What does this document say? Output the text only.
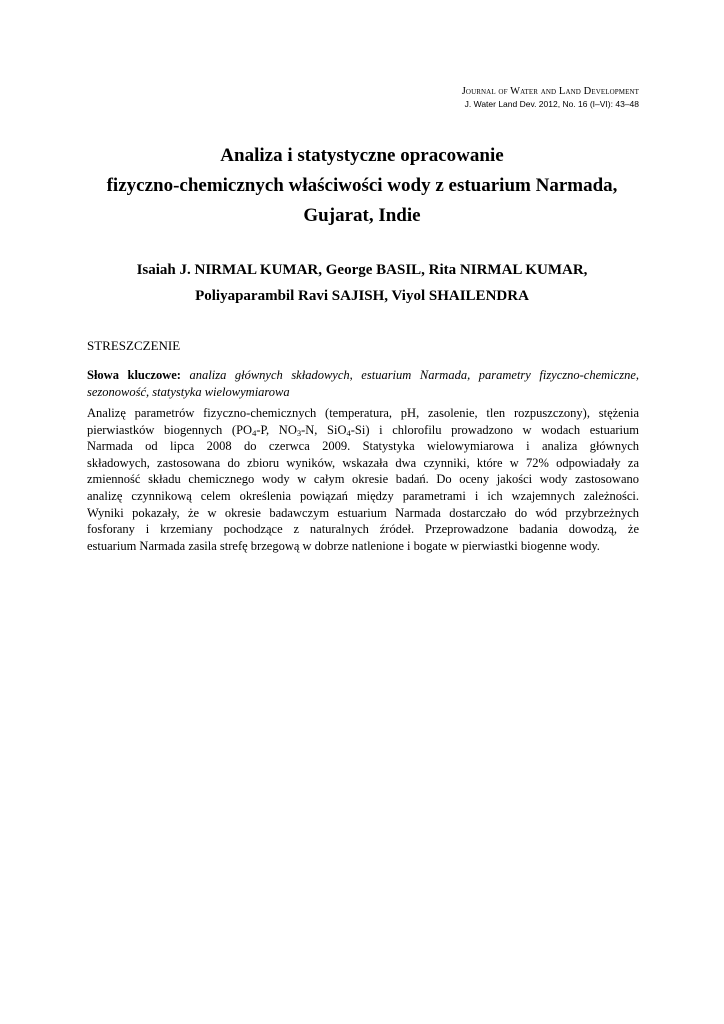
Journal of Water and Land Development
J. Water Land Dev. 2012, No. 16 (I–VI): 43–48
Analiza i statystyczne opracowanie
fizyczno-chemicznych właściwości wody z estuarium Narmada,
Gujarat, Indie
Isaiah J. NIRMAL KUMAR, George BASIL, Rita NIRMAL KUMAR,
Poliyaparambil Ravi SAJISH, Viyol SHAILENDRA
STRESZCZENIE
Słowa kluczowe: analiza głównych składowych, estuarium Narmada, parametry fizyczno-chemiczne, sezonowość, statystyka wielowymiarowa
Analizę parametrów fizyczno-chemicznych (temperatura, pH, zasolenie, tlen rozpuszczony), stężenia
pierwiastków biogennych ($PO_4-P$, $NO_3-N$, SiO$_4$-Si) i chlorofilu prowadzono w wodach estuarium
Narmada od lipca 2008 do czerwca 2009. Statystyka wielowymiarowa i analiza głównych
składowych, zastosowana do zbioru wyników, wskazała dwa czynniki, które w 72% odpowiadały za
zmienność składu chemicznego wody w całym okresie badań. Do oceny jakości wody zastosowano
analizę czynnikową celem określenia powiązań między parametrami i ich wzajemnych zależności.
Wyniki pokazały, że w okresie badawczym estuarium Narmada dostarczało do wód przybrzeżnych
fosforany i krzemiany pochodzące z naturalnych źródeł. Przeprowadzone badania dowodzą, że
estuarium Narmada zasila strefę brzegową w dobrze natlenione i bogate w pierwiastki biogenne wody.
